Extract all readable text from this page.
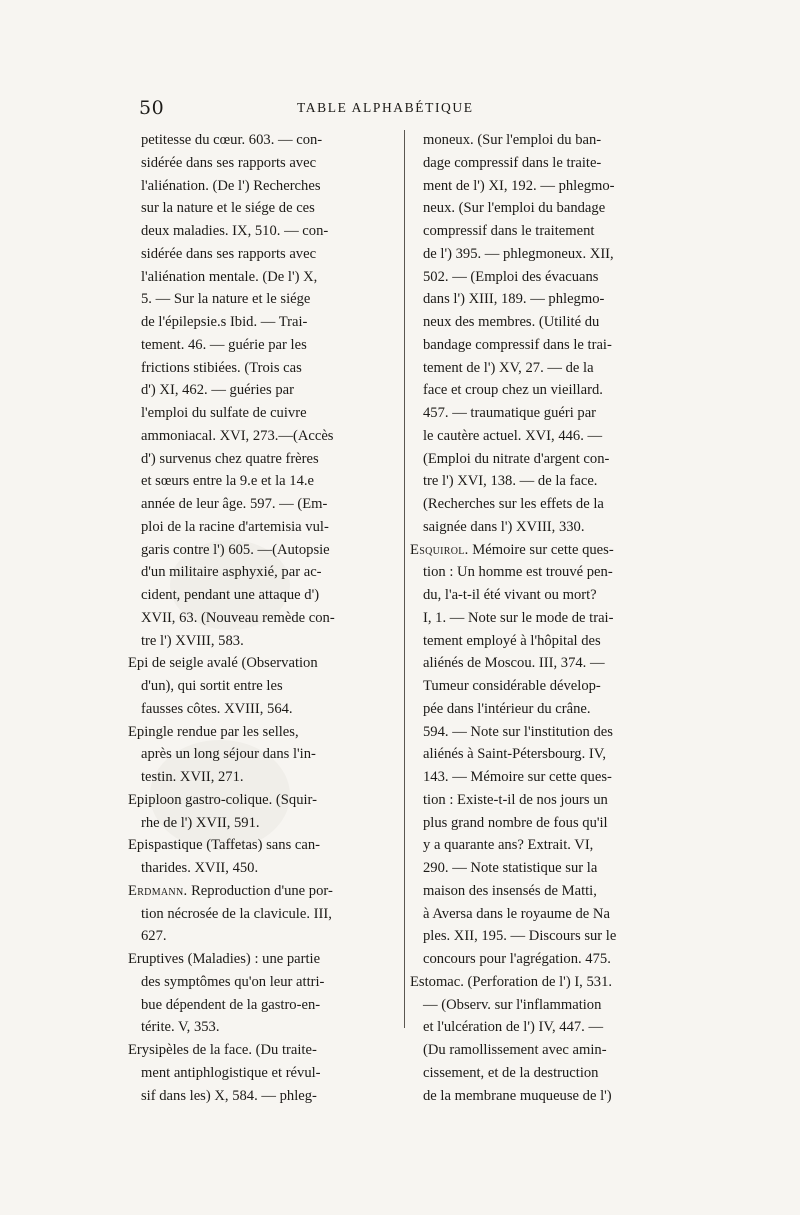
50	TABLE ALPHABÉTIQUE
petitesse du cœur. 603. — con-
sidérée dans ses rapports avec
l'aliénation. (De l') Recherches
sur la nature et le siége de ces
deux maladies. IX, 510. — con-
sidérée dans ses rapports avec
l'aliénation mentale. (De l') X,
5. — Sur la nature et le siége
de l'épilepsie.s Ibid. — Trai-
tement. 46. — guérie par les
frictions stibiées. (Trois cas
d') XI, 462. — guéries par
l'emploi du sulfate de cuivre
ammoniacal. XVI, 273.—(Accès
d') survenus chez quatre frères
et sœurs entre la 9.e et la 14.e
année de leur âge. 597. — (Em-
ploi de la racine d'artemisia vul-
garis contre l') 605. —(Autopsie
d'un militaire asphyxié, par ac-
cident, pendant une attaque d')
XVII, 63. (Nouveau remède con-
tre l') XVIII, 583.
Epi de seigle avalé (Observation
d'un), qui sortit entre les
fausses côtes. XVIII, 564.
Epingle rendue par les selles,
après un long séjour dans l'in-
testin. XVII, 271.
Epiploon gastro-colique. (Squir-
rhe de l') XVII, 591.
Epispastique (Taffetas) sans can-
tharides. XVII, 450.
Erdmann. Reproduction d'une por-
tion nécrosée de la clavicule. III,
627.
Eruptives (Maladies) : une partie
des symptômes qu'on leur attri-
bue dépendent de la gastro-en-
térite. V, 353.
Erysipèles de la face. (Du traite-
ment antiphlogistique et révul-
sif dans les) X, 584. — phleg-
moneux. (Sur l'emploi du ban-
dage compressif dans le traite-
ment de l') XI, 192. — phlegmo-
neux. (Sur l'emploi du bandage
compressif dans le traitement
de l') 395. — phlegmoneux. XII,
502. — (Emploi des évacuans
dans l') XIII, 189. — phlegmo-
neux des membres. (Utilité du
bandage compressif dans le trai-
tement de l') XV, 27. — de la
face et croup chez un vieillard.
457. — traumatique guéri par
le cautère actuel. XVI, 446. —
(Emploi du nitrate d'argent con-
tre l') XVI, 138. — de la face.
(Recherches sur les effets de la
saignée dans l') XVIII, 330.
Esquirol. Mémoire sur cette ques-
tion : Un homme est trouvé pen-
du, l'a-t-il été vivant ou mort?
I, 1. — Note sur le mode de trai-
tement employé à l'hôpital des
aliénés de Moscou. III, 374. —
Tumeur considérable dévelop-
pée dans l'intérieur du crâne.
594. — Note sur l'institution des
aliénés à Saint-Pétersbourg. IV,
143. — Mémoire sur cette ques-
tion : Existe-t-il de nos jours un
plus grand nombre de fous qu'il
y a quarante ans? Extrait. VI,
290. — Note statistique sur la
maison des insensés de Matti,
à Aversa dans le royaume de Na
ples. XII, 195. — Discours sur le
concours pour l'agrégation. 475.
Estomac. (Perforation de l') I, 531.
— (Observ. sur l'inflammation
et l'ulcération de l') IV, 447. —
(Du ramollissement avec amin-
cissement, et de la destruction
de la membrane muqueuse de l')
